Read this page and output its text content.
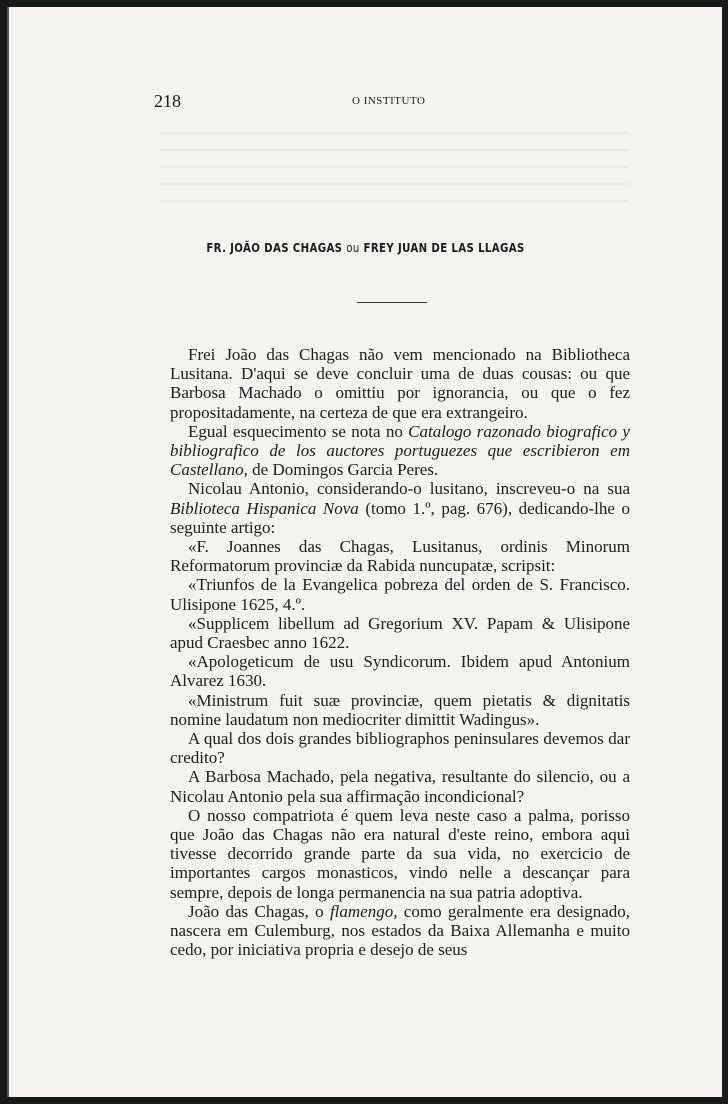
218	O INSTITUTO
FR. JOÃO DAS CHAGAS ou FREY JUAN DE LAS LLAGAS

Frei João das Chagas não vem mencionado na Bibliotheca Lusitana. D'aqui se deve concluir uma de duas cousas: ou que Barbosa Machado o omittiu por ignorancia, ou que o fez propositadamente, na certeza de que era extrangeiro.

Egual esquecimento se nota no Catalogo razonado biografico y bibliografico de los auctores portuguezes que escribieron em Castellano, de Domingos Garcia Peres.

Nicolau Antonio, considerando-o lusitano, inscreveu-o na sua Biblioteca Hispanica Nova (tomo 1.º, pag. 676), dedicando-lhe o seguinte artigo:

«F. Joannes das Chagas, Lusitanus, ordinis Minorum Reformatorum provinciæ da Rabida nuncupatæ, scripsit:

«Triunfos de la Evangelica pobreza del orden de S. Francisco. Ulisipone 1625, 4.º.

«Supplicem libellum ad Gregorium XV. Papam & Ulisipone apud Craesbec anno 1622.

«Apologeticum de usu Syndicorum. Ibidem apud Antonium Alvarez 1630.

«Ministrum fuit suæ provinciæ, quem pietatis & dignitatis nomine laudatum non mediocriter dimittit Wadingus».

A qual dos dois grandes bibliographos peninsulares devemos dar credito?

A Barbosa Machado, pela negativa, resultante do silencio, ou a Nicolau Antonio pela sua affirmação incondicional?

O nosso compatriota é quem leva neste caso a palma, porisso que João das Chagas não era natural d'este reino, embora aqui tivesse decorrido grande parte da sua vida, no exercicio de importantes cargos monasticos, vindo nelle a descançar para sempre, depois de longa permanencia na sua patria adoptiva.

João das Chagas, o flamengo, como geralmente era designado, nascera em Culemburg, nos estados da Baixa Allemanha e muito cedo, por iniciativa propria e desejo de seus
